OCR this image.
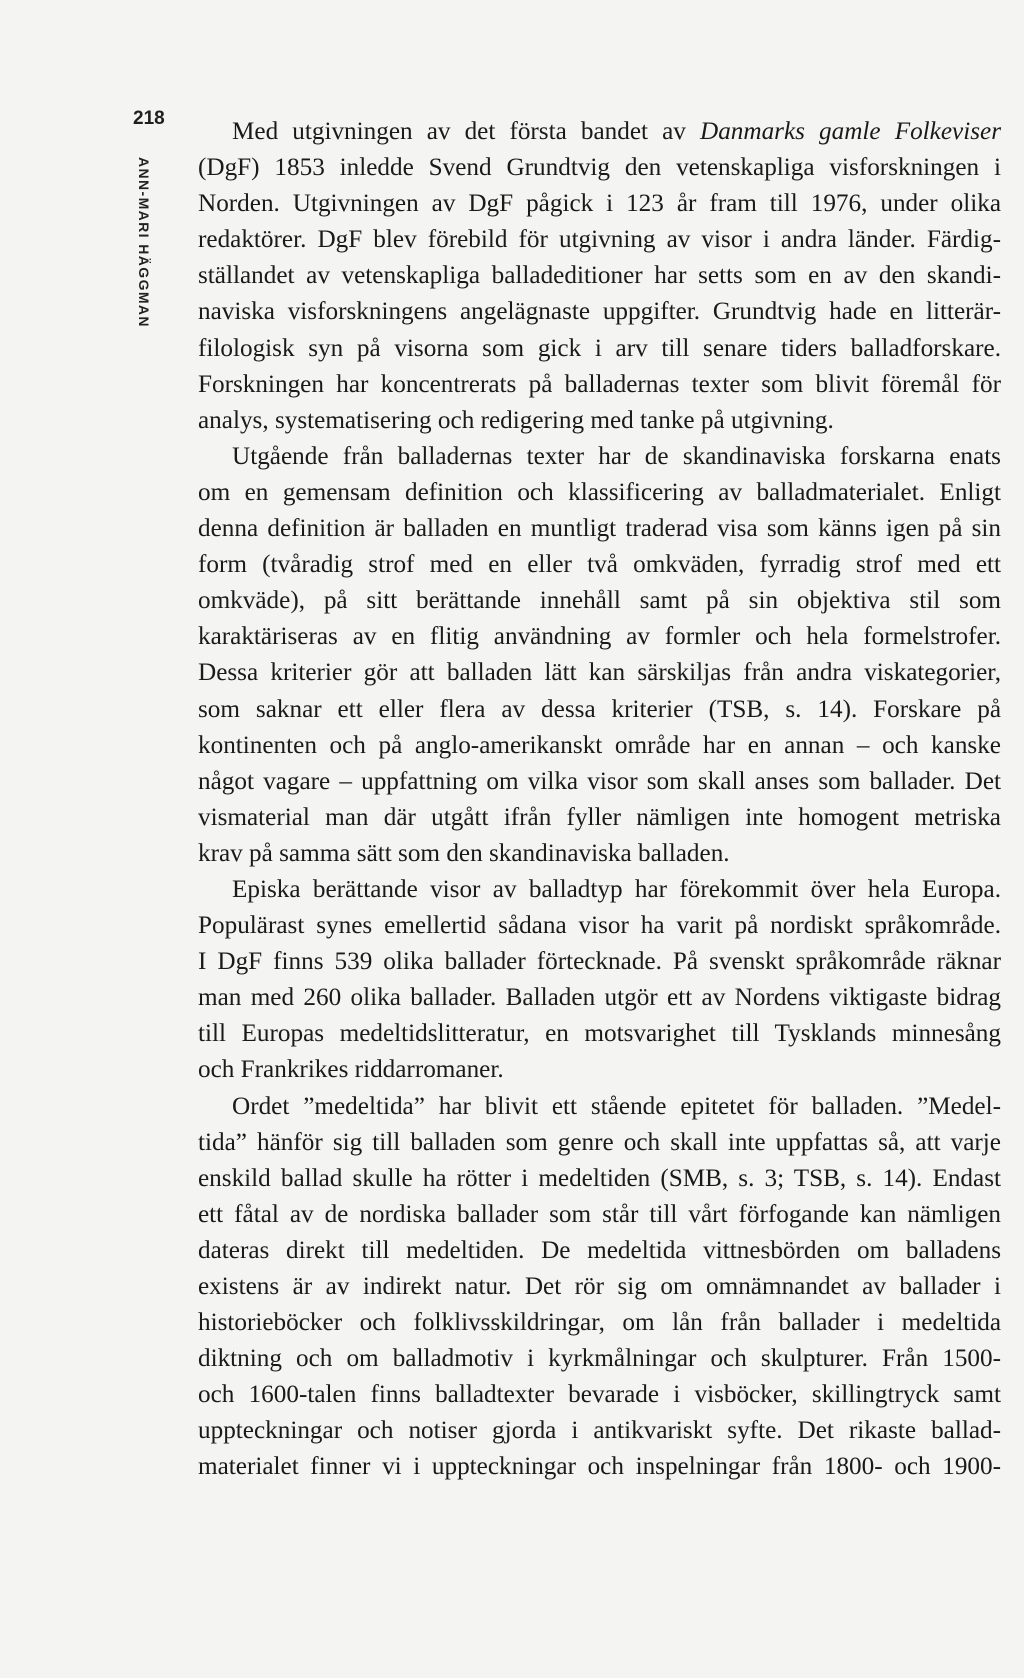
218
ANN-MARI HÄGGMAN
Med utgivningen av det första bandet av Danmarks gamle Folkeviser
(DgF) 1853 inledde Svend Grundtvig den vetenskapliga visforskningen i
Norden. Utgivningen av DgF pågick i 123 år fram till 1976, under olika
redaktörer. DgF blev förebild för utgivning av visor i andra länder. Färdig-
ställandet av vetenskapliga balladeditioner har setts som en av den skandi-
naviska visforskningens angelägnaste uppgifter. Grundtvig hade en litterär-
filologisk syn på visorna som gick i arv till senare tiders balladforskare.
Forskningen har koncentrerats på balladernas texter som blivit föremål för
analys, systematisering och redigering med tanke på utgivning.
Utgående från balladernas texter har de skandinaviska forskarna enats
om en gemensam definition och klassificering av balladmaterialet. Enligt
denna definition är balladen en muntligt traderad visa som känns igen på sin
form (tvåradig strof med en eller två omkväden, fyrradig strof med ett
omkväde), på sitt berättande innehåll samt på sin objektiva stil som
karaktäriseras av en flitig användning av formler och hela formelstrofer.
Dessa kriterier gör att balladen lätt kan särskiljas från andra viskategorier,
som saknar ett eller flera av dessa kriterier (TSB, s. 14). Forskare på
kontinenten och på anglo-amerikanskt område har en annan – och kanske
något vagare – uppfattning om vilka visor som skall anses som ballader. Det
vismaterial man där utgått ifrån fyller nämligen inte homogent metriska
krav på samma sätt som den skandinaviska balladen.
Episka berättande visor av balladtyp har förekommit över hela Europa.
Populärast synes emellertid sådana visor ha varit på nordiskt språkområde.
I DgF finns 539 olika ballader förtecknade. På svenskt språkområde räknar
man med 260 olika ballader. Balladen utgör ett av Nordens viktigaste bidrag
till Europas medeltidslitteratur, en motsvarighet till Tysklands minnesång
och Frankrikes riddarromaner.
Ordet ”medeltida” har blivit ett stående epitetet för balladen. ”Medel-
tida” hänför sig till balladen som genre och skall inte uppfattas så, att varje
enskild ballad skulle ha rötter i medeltiden (SMB, s. 3; TSB, s. 14). Endast
ett fåtal av de nordiska ballader som står till vårt förfogande kan nämligen
dateras direkt till medeltiden. De medeltida vittnesbörden om balladens
existens är av indirekt natur. Det rör sig om omnämnandet av ballader i
historieböcker och folklivsskildringar, om lån från ballader i medeltida
diktning och om balladmotiv i kyrkmålningar och skulpturer. Från 1500-
och 1600-talen finns balladtexter bevarade i visböcker, skillingtryck samt
uppteckningar och notiser gjorda i antikvariskt syfte. Det rikaste ballad-
materialet finner vi i uppteckningar och inspelningar från 1800- och 1900-
